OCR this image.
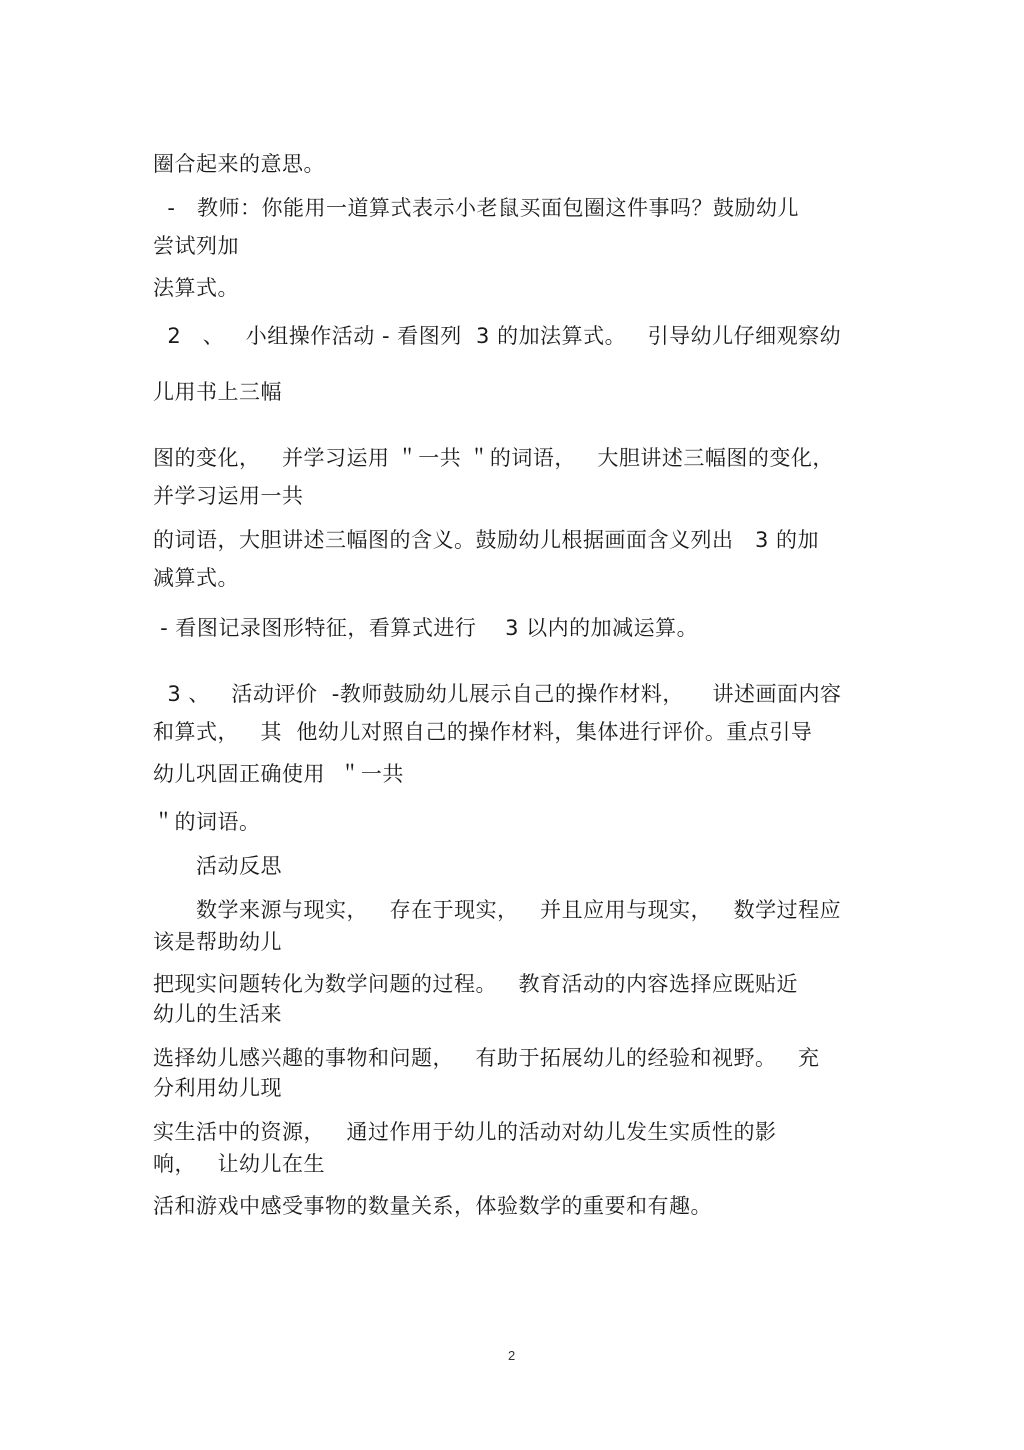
圈合起来的意思。
-   教师：你能用一道算式表示小老鼠买面包圈这件事吗？鼓励幼儿
尝试列加
法算式。
2   、   小组操作活动 - 看图列  3 的加法算式。   引导幼儿仔细观察幼
儿用书上三幅
图的变化，   并学习运用 ＂一共 ＂的词语，   大胆讲述三幅图的变化，
并学习运用一共
的词语，大胆讲述三幅图的含义。鼓励幼儿根据画面含义列出   3 的加
减算式。
- 看图记录图形特征，看算式进行    3 以内的加减运算。
3 、   活动评价  -教师鼓励幼儿展示自己的操作材料，    讲述画面内容
和算式，   其  他幼儿对照自己的操作材料，集体进行评价。重点引导
幼儿巩固正确使用  ＂一共
＂的词语。
活动反思
数学来源与现实，   存在于现实，   并且应用与现实，   数学过程应
该是帮助幼儿
把现实问题转化为数学问题的过程。   教育活动的内容选择应既贴近
幼儿的生活来
选择幼儿感兴趣的事物和问题，   有助于拓展幼儿的经验和视野。   充
分利用幼儿现
实生活中的资源，   通过作用于幼儿的活动对幼儿发生实质性的影
响，   让幼儿在生
活和游戏中感受事物的数量关系，体验数学的重要和有趣。
2
